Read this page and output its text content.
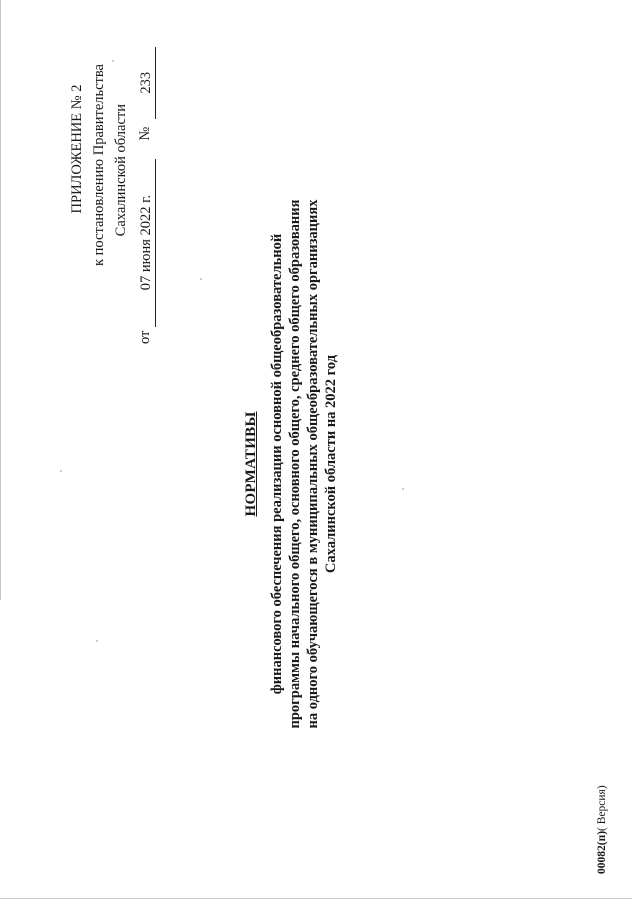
ПРИЛОЖЕНИЕ № 2 к постановлению Правительства Сахалинской области
от
07 июня 2022 г.
№
233
НОРМАТИВЫ финансового обеспечения реализации основной общеобразовательной программы начального общего, основного общего, среднего общего образования на одного обучающегося в муниципальных общеобразовательных организациях Сахалинской области на 2022 год
00082(п)( Версия)
